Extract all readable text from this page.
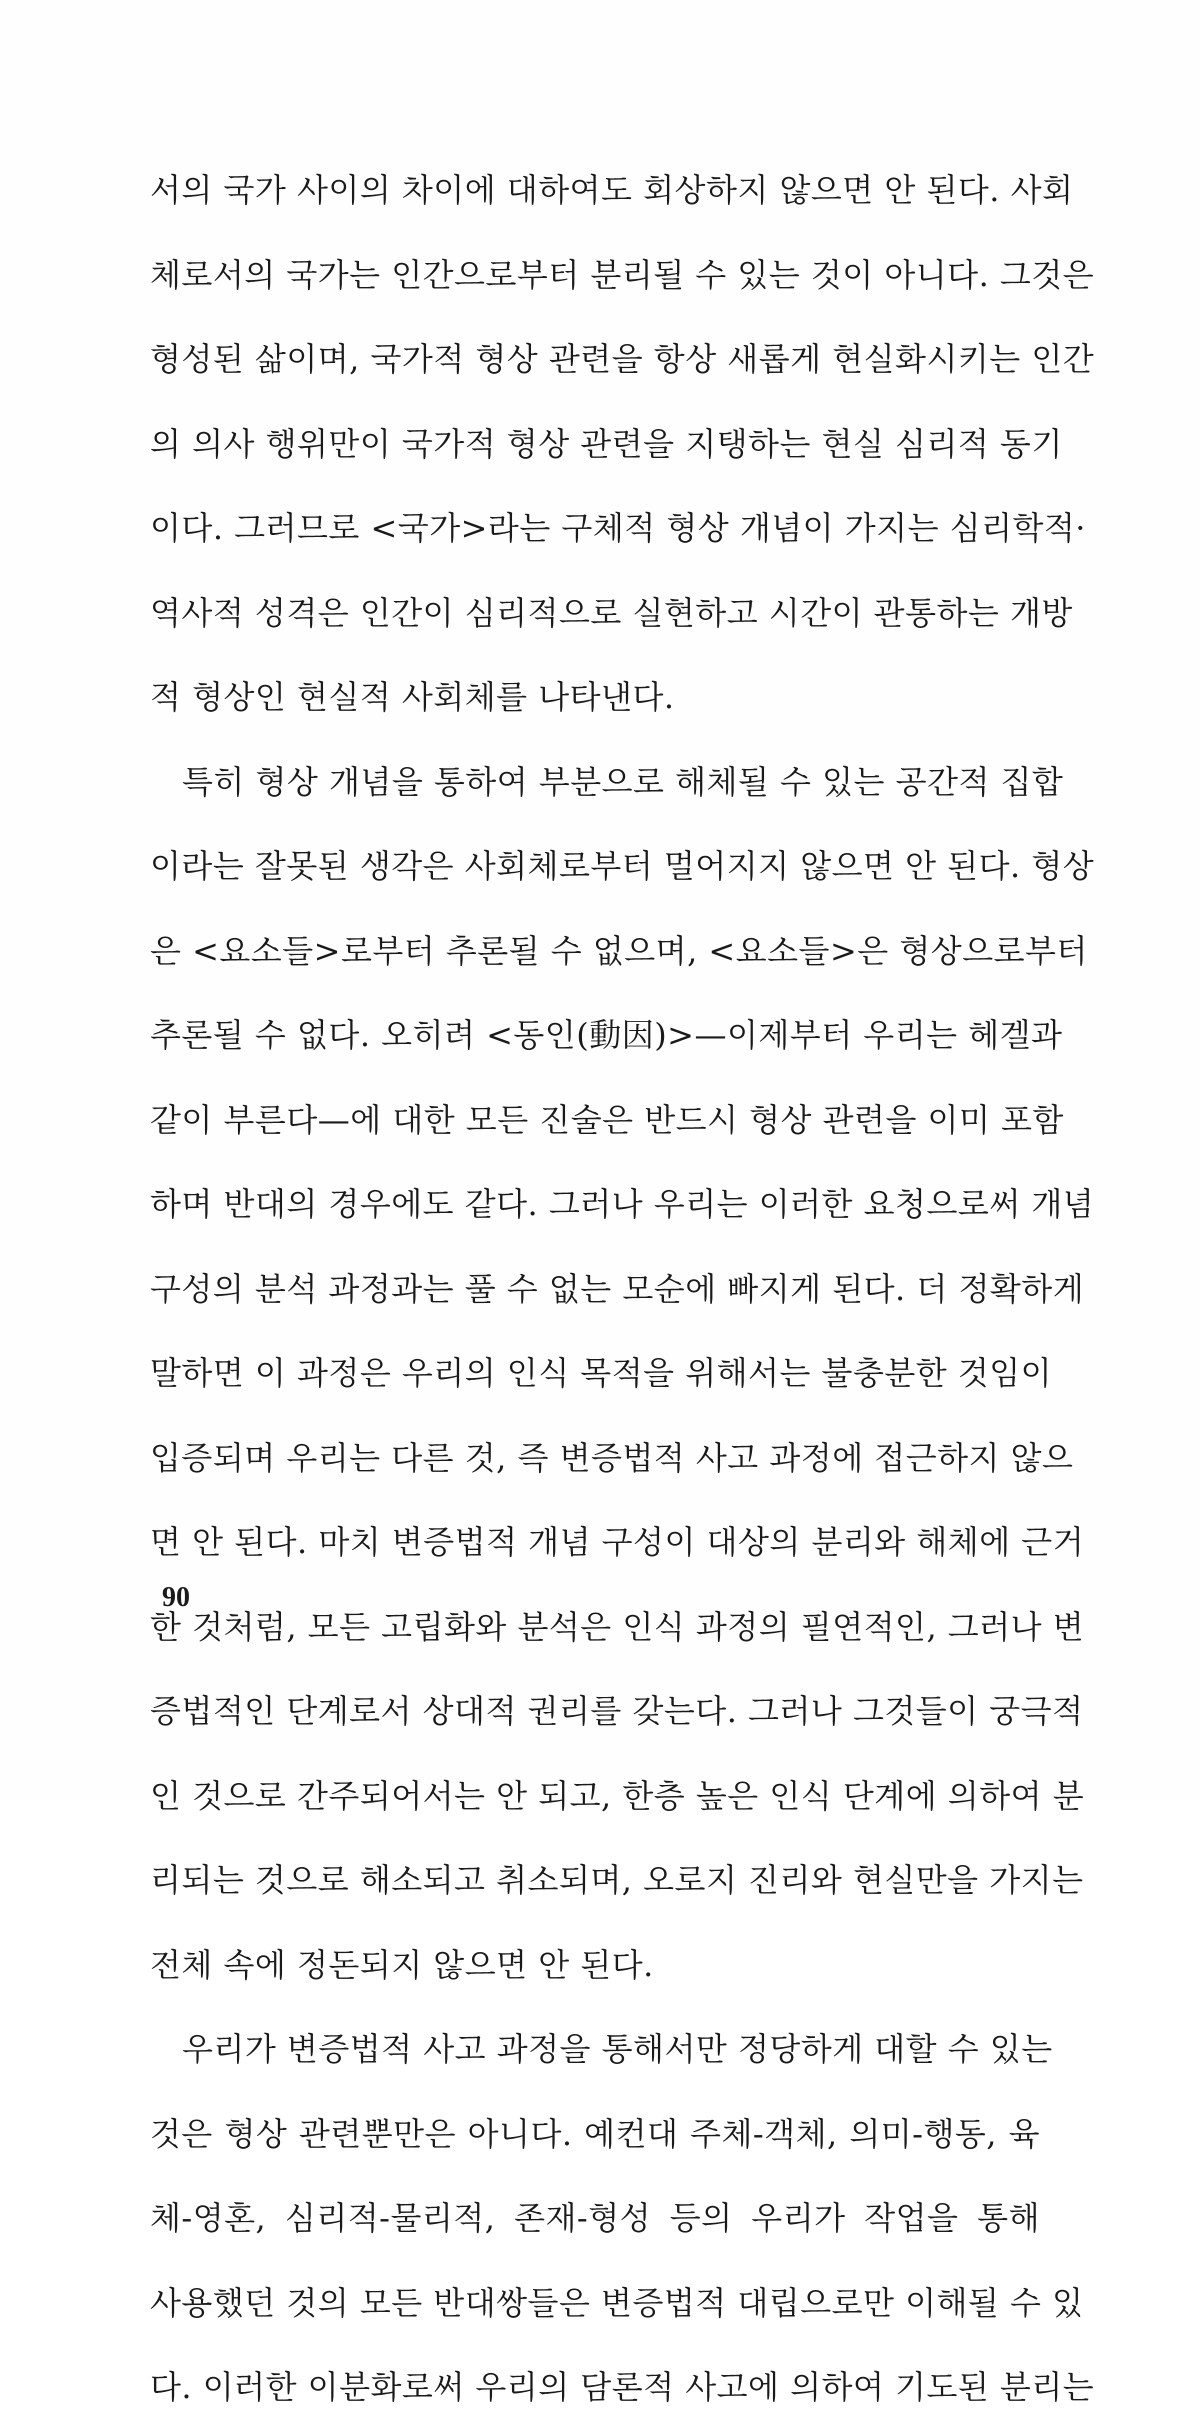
서의 국가 사이의 차이에 대하여도 회상하지 않으면 안 된다. 사회
체로서의 국가는 인간으로부터 분리될 수 있는 것이 아니다. 그것은
형성된 삶이며, 국가적 형상 관련을 항상 새롭게 현실화시키는 인간
의 의사 행위만이 국가적 형상 관련을 지탱하는 현실 심리적 동기
이다. 그러므로 <국가>라는 구체적 형상 개념이 가지는 심리학적·
역사적 성격은 인간이 심리적으로 실현하고 시간이 관통하는 개방
적 형상인 현실적 사회체를 나타낸다.
특히 형상 개념을 통하여 부분으로 해체될 수 있는 공간적 집합
이라는 잘못된 생각은 사회체로부터 멀어지지 않으면 안 된다. 형상
은 <요소들>로부터 추론될 수 없으며, <요소들>은 형상으로부터
추론될 수 없다. 오히려 <동인(動因)>—이제부터 우리는 헤겔과
같이 부른다—에 대한 모든 진술은 반드시 형상 관련을 이미 포함
하며 반대의 경우에도 같다. 그러나 우리는 이러한 요청으로써 개념
구성의 분석 과정과는 풀 수 없는 모순에 빠지게 된다. 더 정확하게
말하면 이 과정은 우리의 인식 목적을 위해서는 불충분한 것임이
입증되며 우리는 다른 것, 즉 변증법적 사고 과정에 접근하지 않으
면 안 된다. 마치 변증법적 개념 구성이 대상의 분리와 해체에 근거
한 것처럼, 모든 고립화와 분석은 인식 과정의 필연적인, 그러나 변
증법적인 단계로서 상대적 권리를 갖는다. 그러나 그것들이 궁극적
인 것으로 간주되어서는 안 되고, 한층 높은 인식 단계에 의하여 분
리되는 것으로 해소되고 취소되며, 오로지 진리와 현실만을 가지는
전체 속에 정돈되지 않으면 안 된다.
우리가 변증법적 사고 과정을 통해서만 정당하게 대할 수 있는
것은 형상 관련뿐만은 아니다. 예컨대 주체-객체, 의미-행동, 육
체-영혼, 심리적-물리적, 존재-형성 등의 우리가 작업을 통해
사용했던 것의 모든 반대쌍들은 변증법적 대립으로만 이해될 수 있
다. 이러한 이분화로써 우리의 담론적 사고에 의하여 기도된 분리는
90
